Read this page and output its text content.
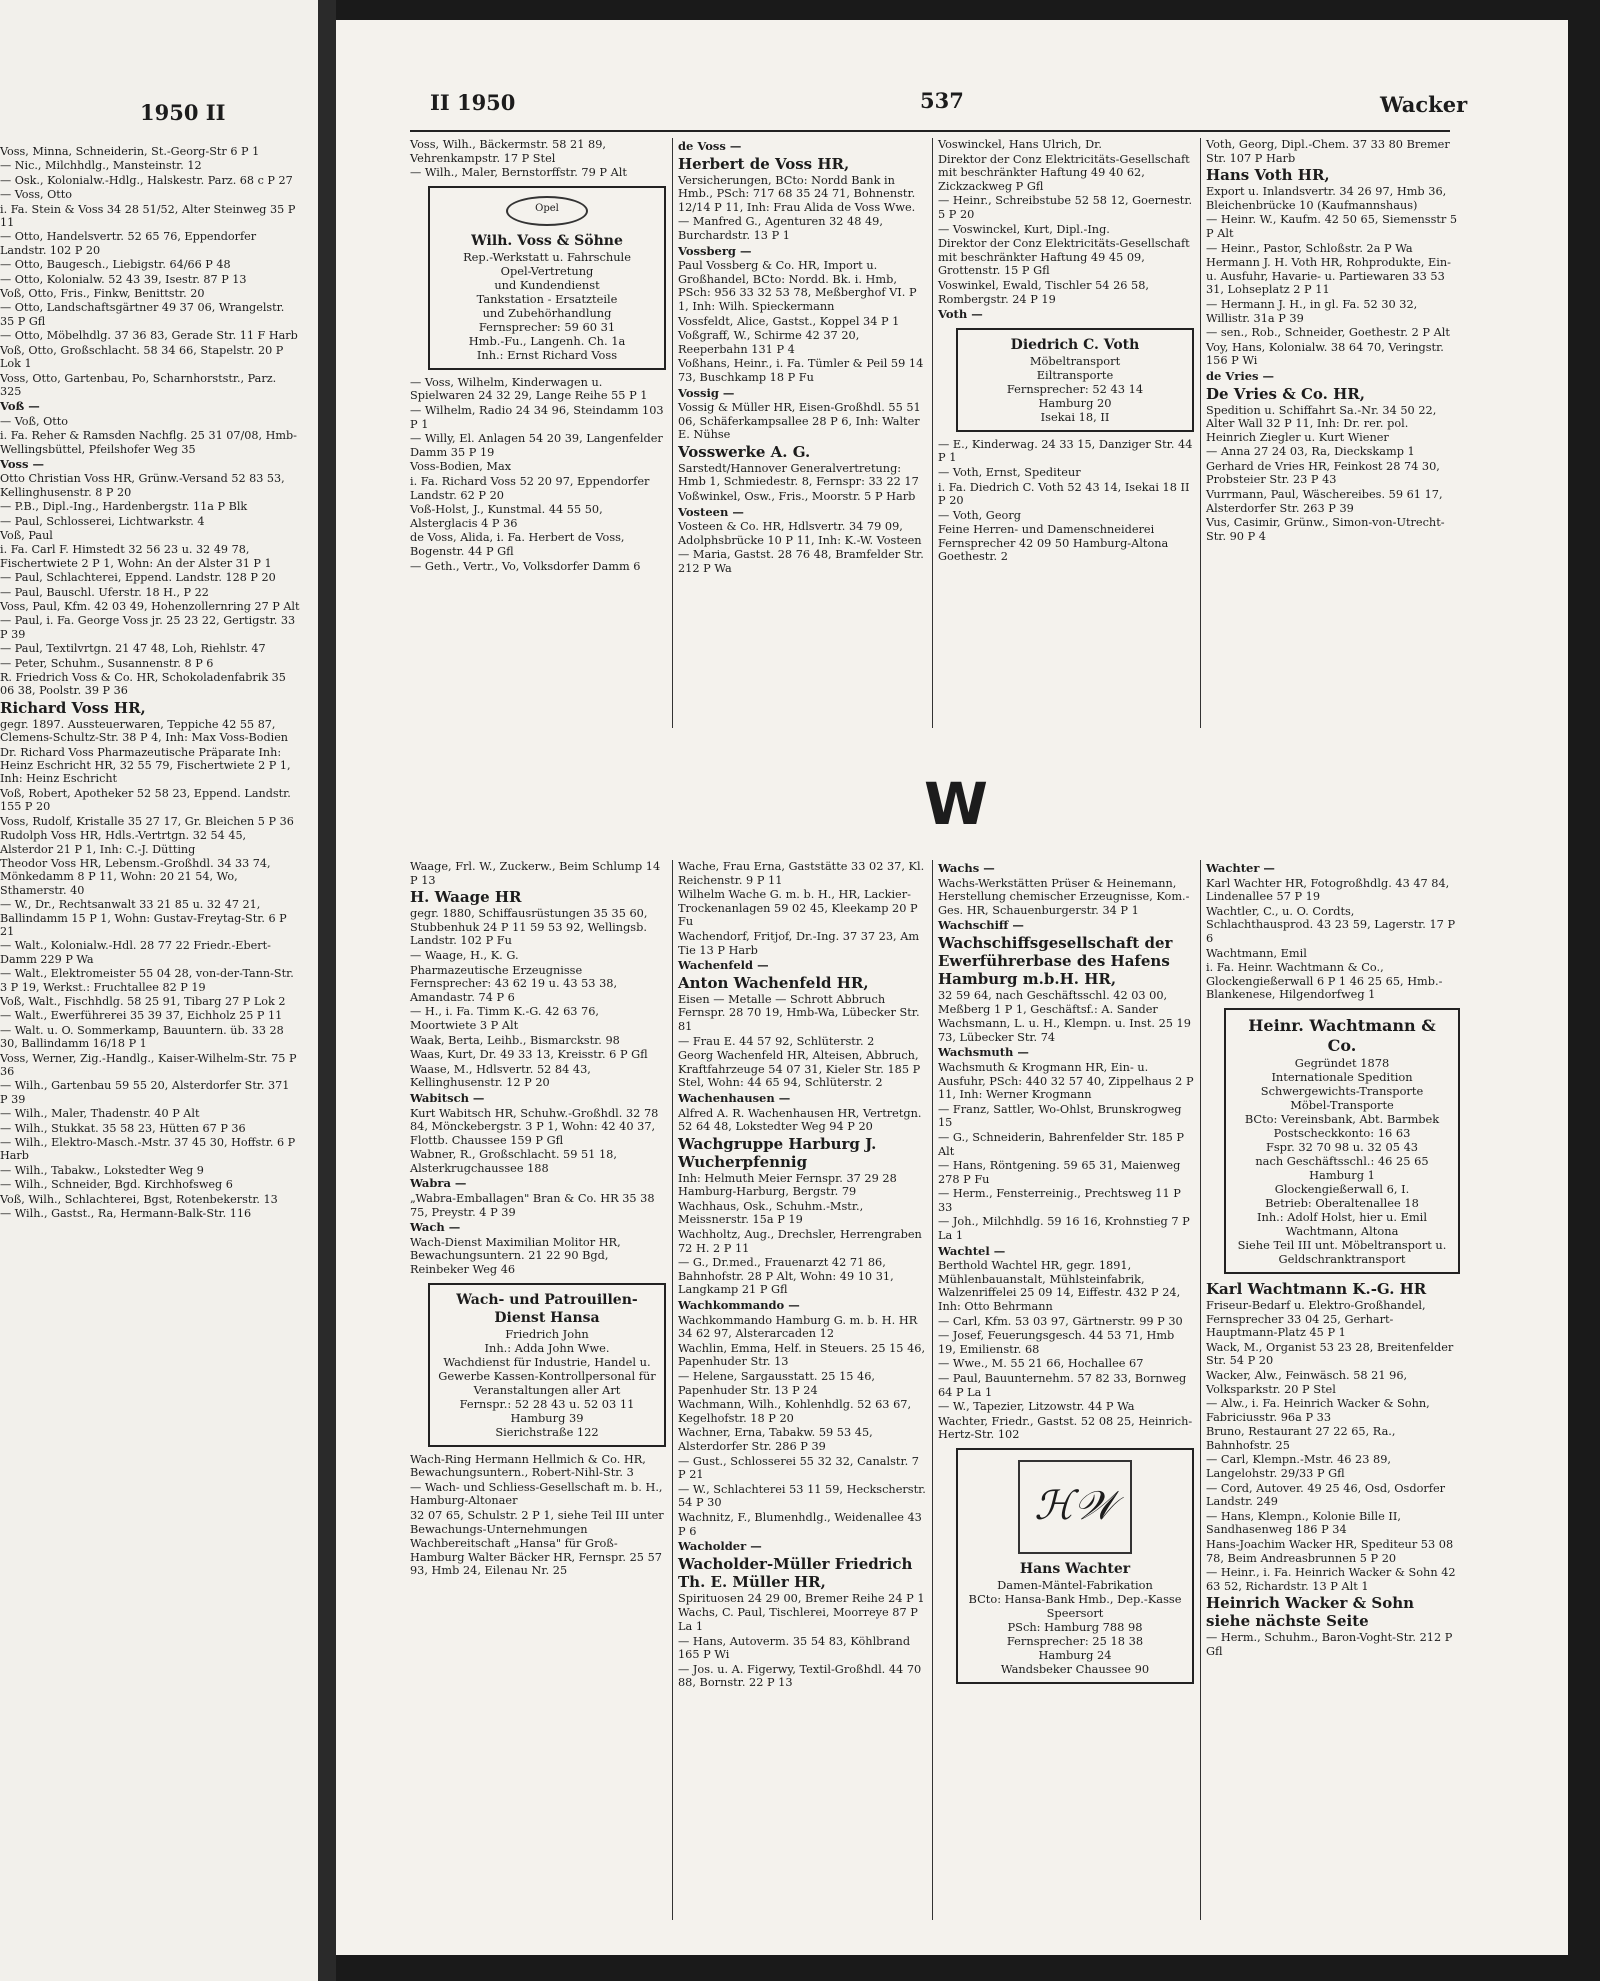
1950 II
Voss, Minna, Schneiderin, St.-Georg-Str 6 P 1
— Nic., Milchhdlg., Mansteinstr. 12
— Osk., Kolonialw.-Hdlg., Halskestr. Parz. 68 c P 27
— Voss, Otto
i. Fa. Stein & Voss 34 28 51/52, Alter Steinweg 35 P 11
— Otto, Handelsvertr. 52 65 76, Eppendorfer Landstr. 102 P 20
— Otto, Baugesch., Liebigstr. 64/66 P 48
— Otto, Kolonialw. 52 43 39, Isestr. 87 P 13
Voß, Otto, Fris., Finkw, Benittstr. 20
— Otto, Landschaftsgärtner 49 37 06, Wrangelstr. 35 P Gfl
— Otto, Möbelhdlg. 37 36 83, Gerade Str. 11 F Harb
Voß, Otto, Großschlacht. 58 34 66, Stapelstr. 20 P Lok 1
Voss, Otto, Gartenbau, Po, Scharnhorststr., Parz. 325
Voß —
— Voß, Otto
i. Fa. Reher & Ramsden Nachflg. 25 31 07/08, Hmb-Wellingsbüttel, Pfeilshofer Weg 35
Voss —
Otto Christian Voss HR, Grünw.-Versand 52 83 53, Kellinghusenstr. 8 P 20
— P.B., Dipl.-Ing., Hardenbergstr. 11a P Blk
— Paul, Schlosserei, Lichtwarkstr. 4
Voß, Paul
i. Fa. Carl F. Himstedt 32 56 23 u. 32 49 78, Fischertwiete 2 P 1, Wohn: An der Alster 31 P 1
— Paul, Schlachterei, Eppend. Landstr. 128 P 20
— Paul, Bauschl. Uferstr. 18 H., P 22
Voss, Paul, Kfm. 42 03 49, Hohenzollernring 27 P Alt
— Paul, i. Fa. George Voss jr. 25 23 22, Gertigstr. 33 P 39
— Paul, Textilvrtgn. 21 47 48, Loh, Riehlstr. 47
— Peter, Schuhm., Susannenstr. 8 P 6
R. Friedrich Voss & Co. HR, Schokoladenfabrik 35 06 38, Poolstr. 39 P 36
Richard Voss HR,
gegr. 1897. Aussteuerwaren, Teppiche 42 55 87, Clemens-Schultz-Str. 38 P 4, Inh: Max Voss-Bodien
Dr. Richard Voss Pharmazeutische Präparate Inh: Heinz Eschricht HR, 32 55 79, Fischertwiete 2 P 1, Inh: Heinz Eschricht
Voß, Robert, Apotheker 52 58 23, Eppend. Landstr. 155 P 20
Voss, Rudolf, Kristalle 35 27 17, Gr. Bleichen 5 P 36
Rudolph Voss HR, Hdls.-Vertrtgn. 32 54 45, Alsterdor 21 P 1, Inh: C.-J. Dütting
Theodor Voss HR, Lebensm.-Großhdl. 34 33 74, Mönkedamm 8 P 11, Wohn: 20 21 54, Wo, Sthamerstr. 40
— W., Dr., Rechtsanwalt 33 21 85 u. 32 47 21, Ballindamm 15 P 1, Wohn: Gustav-Freytag-Str. 6 P 21
— Walt., Kolonialw.-Hdl. 28 77 22 Friedr.-Ebert-Damm 229 P Wa
— Walt., Elektromeister 55 04 28, von-der-Tann-Str. 3 P 19, Werkst.: Fruchtallee 82 P 19
Voß, Walt., Fischhdlg. 58 25 91, Tibarg 27 P Lok 2
— Walt., Ewerführerei 35 39 37, Eichholz 25 P 11
— Walt. u. O. Sommerkamp, Bauuntern. üb. 33 28 30, Ballindamm 16/18 P 1
Voss, Werner, Zig.-Handlg., Kaiser-Wilhelm-Str. 75 P 36
— Wilh., Gartenbau 59 55 20, Alsterdorfer Str. 371 P 39
— Wilh., Maler, Thadenstr. 40 P Alt
— Wilh., Stukkat. 35 58 23, Hütten 67 P 36
— Wilh., Elektro-Masch.-Mstr. 37 45 30, Hoffstr. 6 P Harb
— Wilh., Tabakw., Lokstedter Weg 9
— Wilh., Schneider, Bgd. Kirchhofsweg 6
Voß, Wilh., Schlachterei, Bgst, Rotenbekerstr. 13
— Wilh., Gastst., Ra, Hermann-Balk-Str. 116
II 1950	537	Wacker
Voss, Wilh., Bäckermstr. 58 21 89, Vehrenkampstr. 17 P Stel
— Wilh., Maler, Bernstorffstr. 79 P Alt
Opel
Wilh. Voss & Söhne
Rep.-Werkstatt u. Fahrschule
Opel-Vertretung
und Kundendienst
Tankstation - Ersatzteile
und Zubehörhandlung
Fernsprecher: 59 60 31
Hmb.-Fu., Langenh. Ch. 1a
Inh.: Ernst Richard Voss
— Voss, Wilhelm, Kinderwagen u. Spielwaren 24 32 29, Lange Reihe 55 P 1
— Wilhelm, Radio 24 34 96, Steindamm 103 P 1
— Willy, El. Anlagen 54 20 39, Langenfelder Damm 35 P 19
Voss-Bodien, Max
i. Fa. Richard Voss 52 20 97, Eppendorfer Landstr. 62 P 20
Voß-Holst, J., Kunstmal. 44 55 50, Alsterglacis 4 P 36
de Voss, Alida, i. Fa. Herbert de Voss, Bogenstr. 44 P Gfl
— Geth., Vertr., Vo, Volksdorfer Damm 6
de Voss —
Herbert de Voss HR,
Versicherungen, BCto: Nordd Bank in Hmb., PSch: 717 68 35 24 71, Bohnenstr. 12/14 P 11, Inh: Frau Alida de Voss Wwe.
— Manfred G., Agenturen 32 48 49, Burchardstr. 13 P 1
Vossberg —
Paul Vossberg & Co. HR, Import u. Großhandel, BCto: Nordd. Bk. i. Hmb, PSch: 956 33 32 53 78, Meßberghof VI. P 1, Inh: Wilh. Spieckermann
Vossfeldt, Alice, Gastst., Koppel 34 P 1
Voßgraff, W., Schirme 42 37 20, Reeperbahn 131 P 4
Voßhans, Heinr., i. Fa. Tümler & Peil 59 14 73, Buschkamp 18 P Fu
Vossig —
Vossig & Müller HR, Eisen-Großhdl. 55 51 06, Schäferkampsallee 28 P 6, Inh: Walter E. Nühse
Vosswerke A. G.
Sarstedt/Hannover Generalvertretung: Hmb 1, Schmiedestr. 8, Fernspr: 33 22 17
Voßwinkel, Osw., Fris., Moorstr. 5 P Harb
Vosteen —
Vosteen & Co. HR, Hdlsvertr. 34 79 09, Adolphsbrücke 10 P 11, Inh: K.-W. Vosteen
— Maria, Gastst. 28 76 48, Bramfelder Str. 212 P Wa
Voswinckel, Hans Ulrich, Dr.
Direktor der Conz Elektricitäts-Gesellschaft mit beschränkter Haftung 49 40 62, Zickzackweg P Gfl
— Heinr., Schreibstube 52 58 12, Goernestr. 5 P 20
— Voswinckel, Kurt, Dipl.-Ing.
Direktor der Conz Elektricitäts-Gesellschaft mit beschränkter Haftung 49 45 09, Grottenstr. 15 P Gfl
Voswinkel, Ewald, Tischler 54 26 58, Rombergstr. 24 P 19
Voth —
Diedrich C. Voth
Möbeltransport
Eiltransporte
Fernsprecher: 52 43 14
Hamburg 20
Isekai 18, II
— E., Kinderwag. 24 33 15, Danziger Str. 44 P 1
— Voth, Ernst, Spediteur
i. Fa. Diedrich C. Voth 52 43 14, Isekai 18 II P 20
— Voth, Georg
Feine Herren- und Damenschneiderei Fernsprecher 42 09 50 Hamburg-Altona Goethestr. 2
Voth, Georg, Dipl.-Chem. 37 33 80 Bremer Str. 107 P Harb
Hans Voth HR,
Export u. Inlandsvertr. 34 26 97, Hmb 36, Bleichenbrücke 10 (Kaufmannshaus)
— Heinr. W., Kaufm. 42 50 65, Siemensstr 5 P Alt
— Heinr., Pastor, Schloßstr. 2a P Wa
Hermann J. H. Voth HR, Rohprodukte, Ein- u. Ausfuhr, Havarie- u. Partiewaren 33 53 31, Lohseplatz 2 P 11
— Hermann J. H., in gl. Fa. 52 30 32, Willistr. 31a P 39
— sen., Rob., Schneider, Goethestr. 2 P Alt
Voy, Hans, Kolonialw. 38 64 70, Veringstr. 156 P Wi
de Vries —
De Vries & Co. HR,
Spedition u. Schiffahrt Sa.-Nr. 34 50 22, Alter Wall 32 P 11, Inh: Dr. rer. pol. Heinrich Ziegler u. Kurt Wiener
— Anna 27 24 03, Ra, Dieckskamp 1
Gerhard de Vries HR, Feinkost 28 74 30, Probsteier Str. 23 P 43
Vurrmann, Paul, Wäschereibes. 59 61 17, Alsterdorfer Str. 263 P 39
Vus, Casimir, Grünw., Simon-von-Utrecht-Str. 90 P 4
W
Waage, Frl. W., Zuckerw., Beim Schlump 14 P 13
H. Waage HR
gegr. 1880, Schiffausrüstungen 35 35 60, Stubbenhuk 24 P 11 59 53 92, Wellingsb. Landstr. 102 P Fu
— Waage, H., K. G.
Pharmazeutische Erzeugnisse Fernsprecher: 43 62 19 u. 43 53 38, Amandastr. 74 P 6
— H., i. Fa. Timm K.-G. 42 63 76, Moortwiete 3 P Alt
Waak, Berta, Leihb., Bismarckstr. 98
Waas, Kurt, Dr. 49 33 13, Kreisstr. 6 P Gfl
Waase, M., Hdlsvertr. 52 84 43, Kellinghusenstr. 12 P 20
Wabitsch —
Kurt Wabitsch HR, Schuhw.-Großhdl. 32 78 84, Mönckebergstr. 3 P 1, Wohn: 42 40 37, Flottb. Chaussee 159 P Gfl
Wabner, R., Großschlacht. 59 51 18, Alsterkrugchaussee 188
Wabra —
„Wabra-Emballagen" Bran & Co. HR 35 38 75, Preystr. 4 P 39
Wach —
Wach-Dienst Maximilian Molitor HR, Bewachungsuntern. 21 22 90 Bgd, Reinbeker Weg 46
Wach- und Patrouillen-Dienst Hansa
Friedrich John
Inh.: Adda John Wwe.
Wachdienst für Industrie, Handel u. Gewerbe Kassen-Kontrollpersonal für Veranstaltungen aller Art
Fernspr.: 52 28 43 u. 52 03 11
Hamburg 39
Sierichstraße 122
Wach-Ring Hermann Hellmich & Co. HR, Bewachungsuntern., Robert-Nihl-Str. 3
— Wach- und Schliess-Gesellschaft m. b. H., Hamburg-Altonaer
32 07 65, Schulstr. 2 P 1, siehe Teil III unter Bewachungs-Unternehmungen
Wachbereitschaft „Hansa" für Groß-Hamburg Walter Bäcker HR, Fernspr. 25 57 93, Hmb 24, Eilenau Nr. 25
Wache, Frau Erna, Gaststätte 33 02 37, Kl. Reichenstr. 9 P 11
Wilhelm Wache G. m. b. H., HR, Lackier-Trockenanlagen 59 02 45, Kleekamp 20 P Fu
Wachendorf, Fritjof, Dr.-Ing. 37 37 23, Am Tie 13 P Harb
Wachenfeld —
Anton Wachenfeld HR,
Eisen — Metalle — Schrott Abbruch Fernspr. 28 70 19, Hmb-Wa, Lübecker Str. 81
— Frau E. 44 57 92, Schlüterstr. 2
Georg Wachenfeld HR, Alteisen, Abbruch, Kraftfahrzeuge 54 07 31, Kieler Str. 185 P Stel, Wohn: 44 65 94, Schlüterstr. 2
Wachenhausen —
Alfred A. R. Wachenhausen HR, Vertretgn. 52 64 48, Lokstedter Weg 94 P 20
Wachgruppe Harburg J. Wucherpfennig
Inh: Helmuth Meier Fernspr. 37 29 28 Hamburg-Harburg, Bergstr. 79
Wachhaus, Osk., Schuhm.-Mstr., Meissnerstr. 15a P 19
Wachholtz, Aug., Drechsler, Herrengraben 72 H. 2 P 11
— G., Dr.med., Frauenarzt 42 71 86, Bahnhofstr. 28 P Alt, Wohn: 49 10 31, Langkamp 21 P Gfl
Wachkommando —
Wachkommando Hamburg G. m. b. H. HR 34 62 97, Alsterarcaden 12
Wachlin, Emma, Helf. in Steuers. 25 15 46, Papenhuder Str. 13
— Helene, Sargausstatt. 25 15 46, Papenhuder Str. 13 P 24
Wachmann, Wilh., Kohlenhdlg. 52 63 67, Kegelhofstr. 18 P 20
Wachner, Erna, Tabakw. 59 53 45, Alsterdorfer Str. 286 P 39
— Gust., Schlosserei 55 32 32, Canalstr. 7 P 21
— W., Schlachterei 53 11 59, Heckscherstr. 54 P 30
Wachnitz, F., Blumenhdlg., Weidenallee 43 P 6
Wacholder —
Wacholder-Müller Friedrich Th. E. Müller HR,
Spirituosen 24 29 00, Bremer Reihe 24 P 1
Wachs, C. Paul, Tischlerei, Moorreye 87 P La 1
— Hans, Autoverm. 35 54 83, Köhlbrand 165 P Wi
— Jos. u. A. Figerwy, Textil-Großhdl. 44 70 88, Bornstr. 22 P 13
Wachs —
Wachs-Werkstätten Prüser & Heinemann, Herstellung chemischer Erzeugnisse, Kom.-Ges. HR, Schauenburgerstr. 34 P 1
Wachschiff —
Wachschiffsgesellschaft der Ewerführerbase des Hafens Hamburg m.b.H. HR,
32 59 64, nach Geschäftsschl. 42 03 00, Meßberg 1 P 1, Geschäftsf.: A. Sander
Wachsmann, L. u. H., Klempn. u. Inst. 25 19 73, Lübecker Str. 74
Wachsmuth —
Wachsmuth & Krogmann HR, Ein- u. Ausfuhr, PSch: 440 32 57 40, Zippelhaus 2 P 11, Inh: Werner Krogmann
— Franz, Sattler, Wo-Ohlst, Brunskrogweg 15
— G., Schneiderin, Bahrenfelder Str. 185 P Alt
— Hans, Röntgening. 59 65 31, Maienweg 278 P Fu
— Herm., Fensterreinig., Prechtsweg 11 P 33
— Joh., Milchhdlg. 59 16 16, Krohnstieg 7 P La 1
Wachtel —
Berthold Wachtel HR, gegr. 1891, Mühlenbauanstalt, Mühlsteinfabrik, Walzenriffelei 25 09 14, Eiffestr. 432 P 24, Inh: Otto Behrmann
— Carl, Kfm. 53 03 97, Gärtnerstr. 99 P 30
— Josef, Feuerungsgesch. 44 53 71, Hmb 19, Emilienstr. 68
— Wwe., M. 55 21 66, Hochallee 67
— Paul, Bauunternehm. 57 82 33, Bornweg 64 P La 1
— W., Tapezier, Litzowstr. 44 P Wa
Wachter, Friedr., Gastst. 52 08 25, Heinrich-Hertz-Str. 102
ℋ𝒲
Hans Wachter
Damen-Mäntel-Fabrikation
BCto: Hansa-Bank Hmb., Dep.-Kasse Speersort
PSch: Hamburg 788 98
Fernsprecher: 25 18 38
Hamburg 24
Wandsbeker Chaussee 90
Wachter —
Karl Wachter HR, Fotogroßhdlg. 43 47 84, Lindenallee 57 P 19
Wachtler, C., u. O. Cordts, Schlachthausprod. 43 23 59, Lagerstr. 17 P 6
Wachtmann, Emil
i. Fa. Heinr. Wachtmann & Co., Glockengießerwall 6 P 1 46 25 65, Hmb.-Blankenese, Hilgendorfweg 1
Heinr. Wachtmann & Co.
Gegründet 1878
Internationale Spedition
Schwergewichts-Transporte
Möbel-Transporte
BCto: Vereinsbank, Abt. Barmbek
Postscheckkonto: 16 63
Fspr. 32 70 98 u. 32 05 43
nach Geschäftsschl.: 46 25 65
Hamburg 1
Glockengießerwall 6, I.
Betrieb: Oberaltenallee 18
Inh.: Adolf Holst, hier u. Emil Wachtmann, Altona
Siehe Teil III unt. Möbeltransport u. Geldschranktransport
Karl Wachtmann K.-G. HR
Friseur-Bedarf u. Elektro-Großhandel, Fernsprecher 33 04 25, Gerhart-Hauptmann-Platz 45 P 1
Wack, M., Organist 53 23 28, Breitenfelder Str. 54 P 20
Wacker, Alw., Feinwäsch. 58 21 96, Volksparkstr. 20 P Stel
— Alw., i. Fa. Heinrich Wacker & Sohn, Fabriciusstr. 96a P 33
Bruno, Restaurant 27 22 65, Ra., Bahnhofstr. 25
— Carl, Klempn.-Mstr. 46 23 89, Langelohstr. 29/33 P Gfl
— Cord, Autover. 49 25 46, Osd, Osdorfer Landstr. 249
— Hans, Klempn., Kolonie Bille II, Sandhasenweg 186 P 34
Hans-Joachim Wacker HR, Spediteur 53 08 78, Beim Andreasbrunnen 5 P 20
— Heinr., i. Fa. Heinrich Wacker & Sohn 42 63 52, Richardstr. 13 P Alt 1
Heinrich Wacker & Sohn siehe nächste Seite
— Herm., Schuhm., Baron-Voght-Str. 212 P Gfl
